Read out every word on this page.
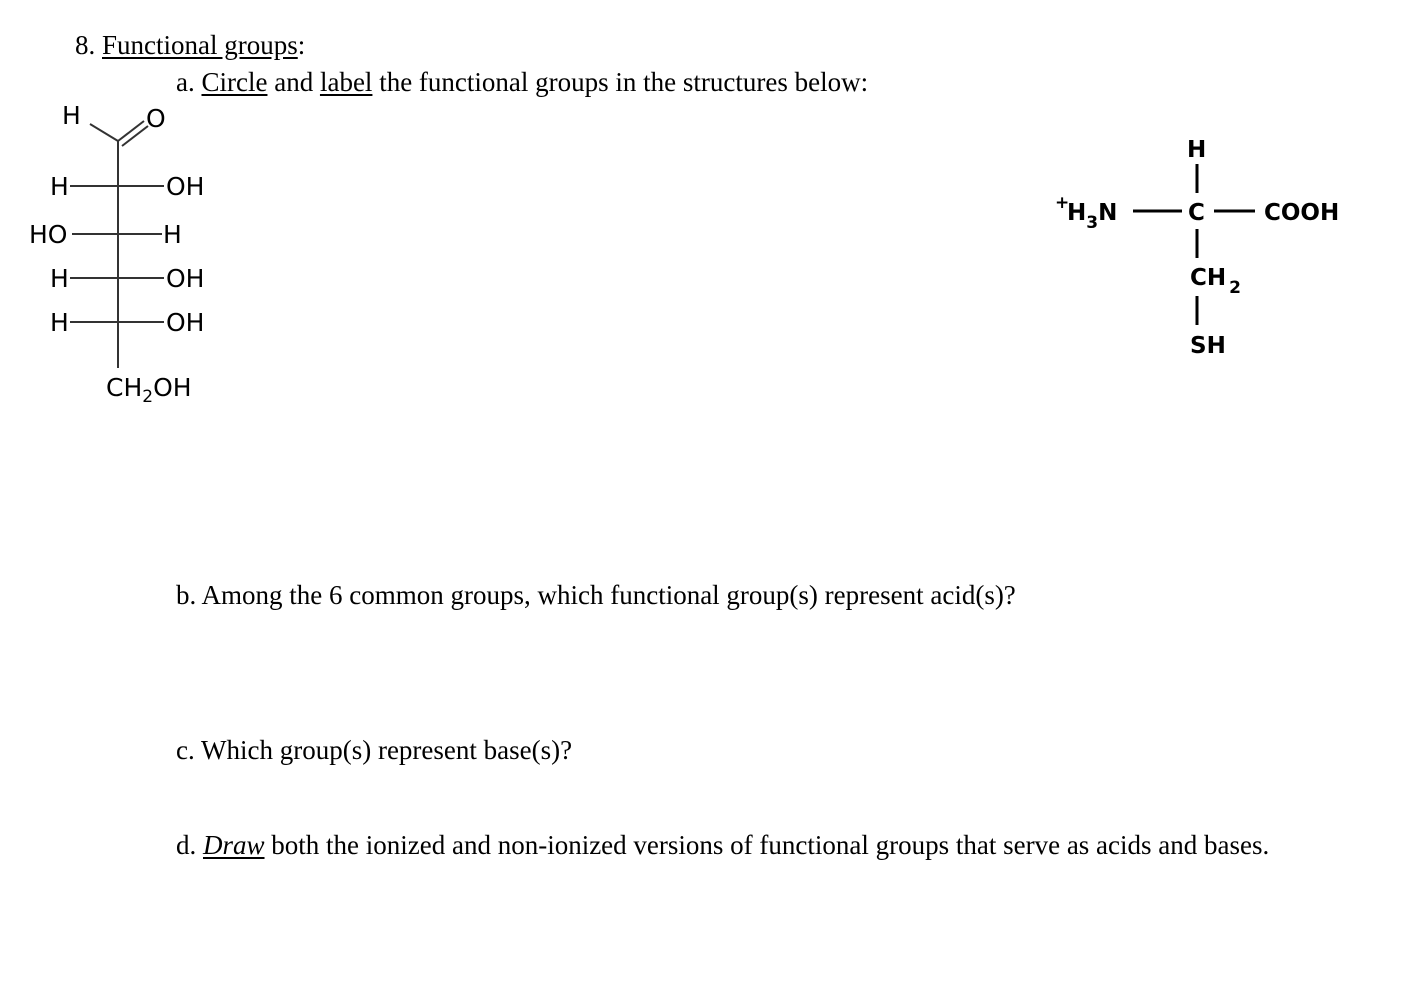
8. Functional groups:
a. Circle and label the functional groups in the structures below:
H	O
H	OH
HO	H
H	OH
H	OH
$CH_2OH$
H
+
$H_3N$	C	COOH
CH $_2$
SH
b. Among the 6 common groups, which functional group(s) represent acid(s)?
c. Which group(s) represent base(s)?
d. Draw both the ionized and non-ionized versions of functional groups that serve as acids and bases.
